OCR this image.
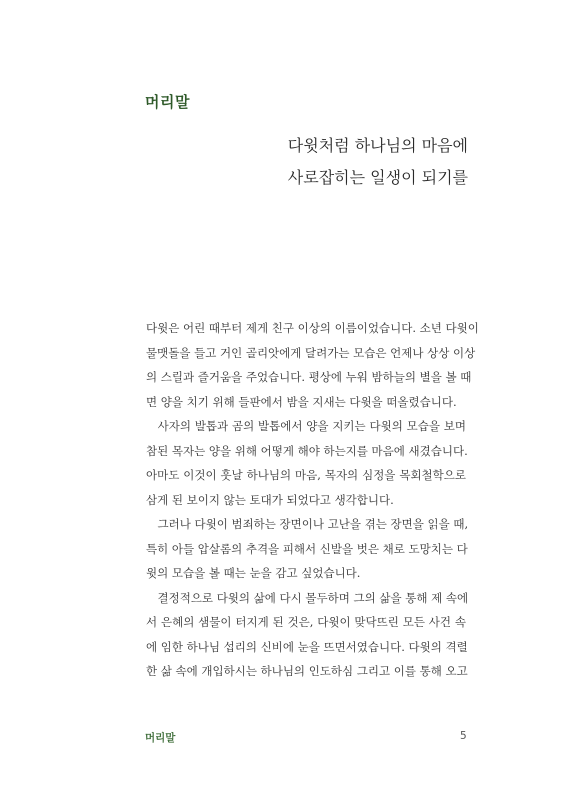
머리말
다윗처럼 하나님의 마음에
사로잡히는 일생이 되기를
다윗은 어린 때부터 제게 친구 이상의 이름이었습니다. 소년 다윗이
물맷돌을 들고 거인 골리앗에게 달려가는 모습은 언제나 상상 이상
의 스릴과 즐거움을 주었습니다. 평상에 누워 밤하늘의 별을 볼 때
면 양을 치기 위해 들판에서 밤을 지새는 다윗을 떠올렸습니다.
　사자의 발톱과 곰의 발톱에서 양을 지키는 다윗의 모습을 보며
참된 목자는 양을 위해 어떻게 해야 하는지를 마음에 새겼습니다.
아마도 이것이 훗날 하나님의 마음, 목자의 심정을 목회철학으로
삼게 된 보이지 않는 토대가 되었다고 생각합니다.
　그러나 다윗이 범죄하는 장면이나 고난을 겪는 장면을 읽을 때,
특히 아들 압살롬의 추격을 피해서 신발을 벗은 채로 도망치는 다
윗의 모습을 볼 때는 눈을 감고 싶었습니다.
　결정적으로 다윗의 삶에 다시 몰두하며 그의 삶을 통해 제 속에
서 은혜의 샘물이 터지게 된 것은, 다윗이 맞닥뜨린 모든 사건 속
에 임한 하나님 섭리의 신비에 눈을 뜨면서였습니다. 다윗의 격렬
한 삶 속에 개입하시는 하나님의 인도하심 그리고 이를 통해 오고
머리말	5
